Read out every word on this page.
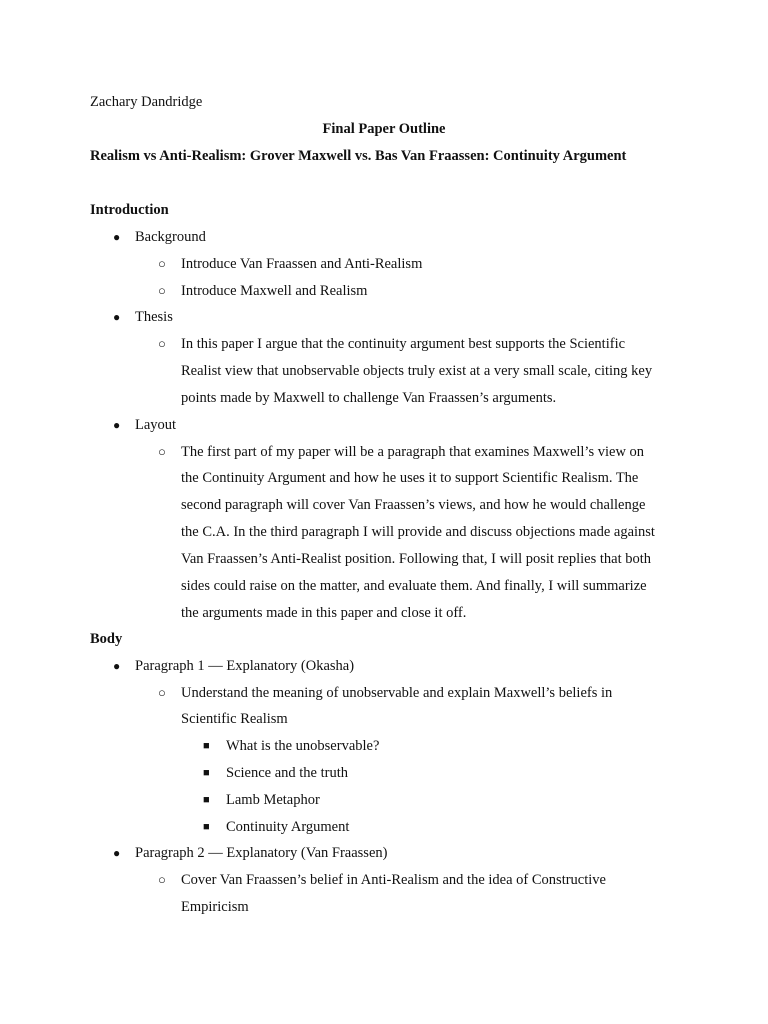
Zachary Dandridge
Final Paper Outline
Realism vs Anti-Realism: Grover Maxwell vs. Bas Van Fraassen: Continuity Argument
Introduction
● Background
○ Introduce Van Fraassen and Anti-Realism
○ Introduce Maxwell and Realism
● Thesis
○ In this paper I argue that the continuity argument best supports the Scientific
Realist view that unobservable objects truly exist at a very small scale, citing key
points made by Maxwell to challenge Van Fraassen’s arguments.
● Layout
○ The first part of my paper will be a paragraph that examines Maxwell’s view on
the Continuity Argument and how he uses it to support Scientific Realism. The
second paragraph will cover Van Fraassen’s views, and how he would challenge
the C.A. In the third paragraph I will provide and discuss objections made against
Van Fraassen’s Anti-Realist position. Following that, I will posit replies that both
sides could raise on the matter, and evaluate them. And finally, I will summarize
the arguments made in this paper and close it off.
Body
● Paragraph 1 — Explanatory (Okasha)
○ Understand the meaning of unobservable and explain Maxwell’s beliefs in
Scientific Realism
■ What is the unobservable?
■ Science and the truth
■ Lamb Metaphor
■ Continuity Argument
● Paragraph 2 — Explanatory (Van Fraassen)
○ Cover Van Fraassen’s belief in Anti-Realism and the idea of Constructive
Empiricism
